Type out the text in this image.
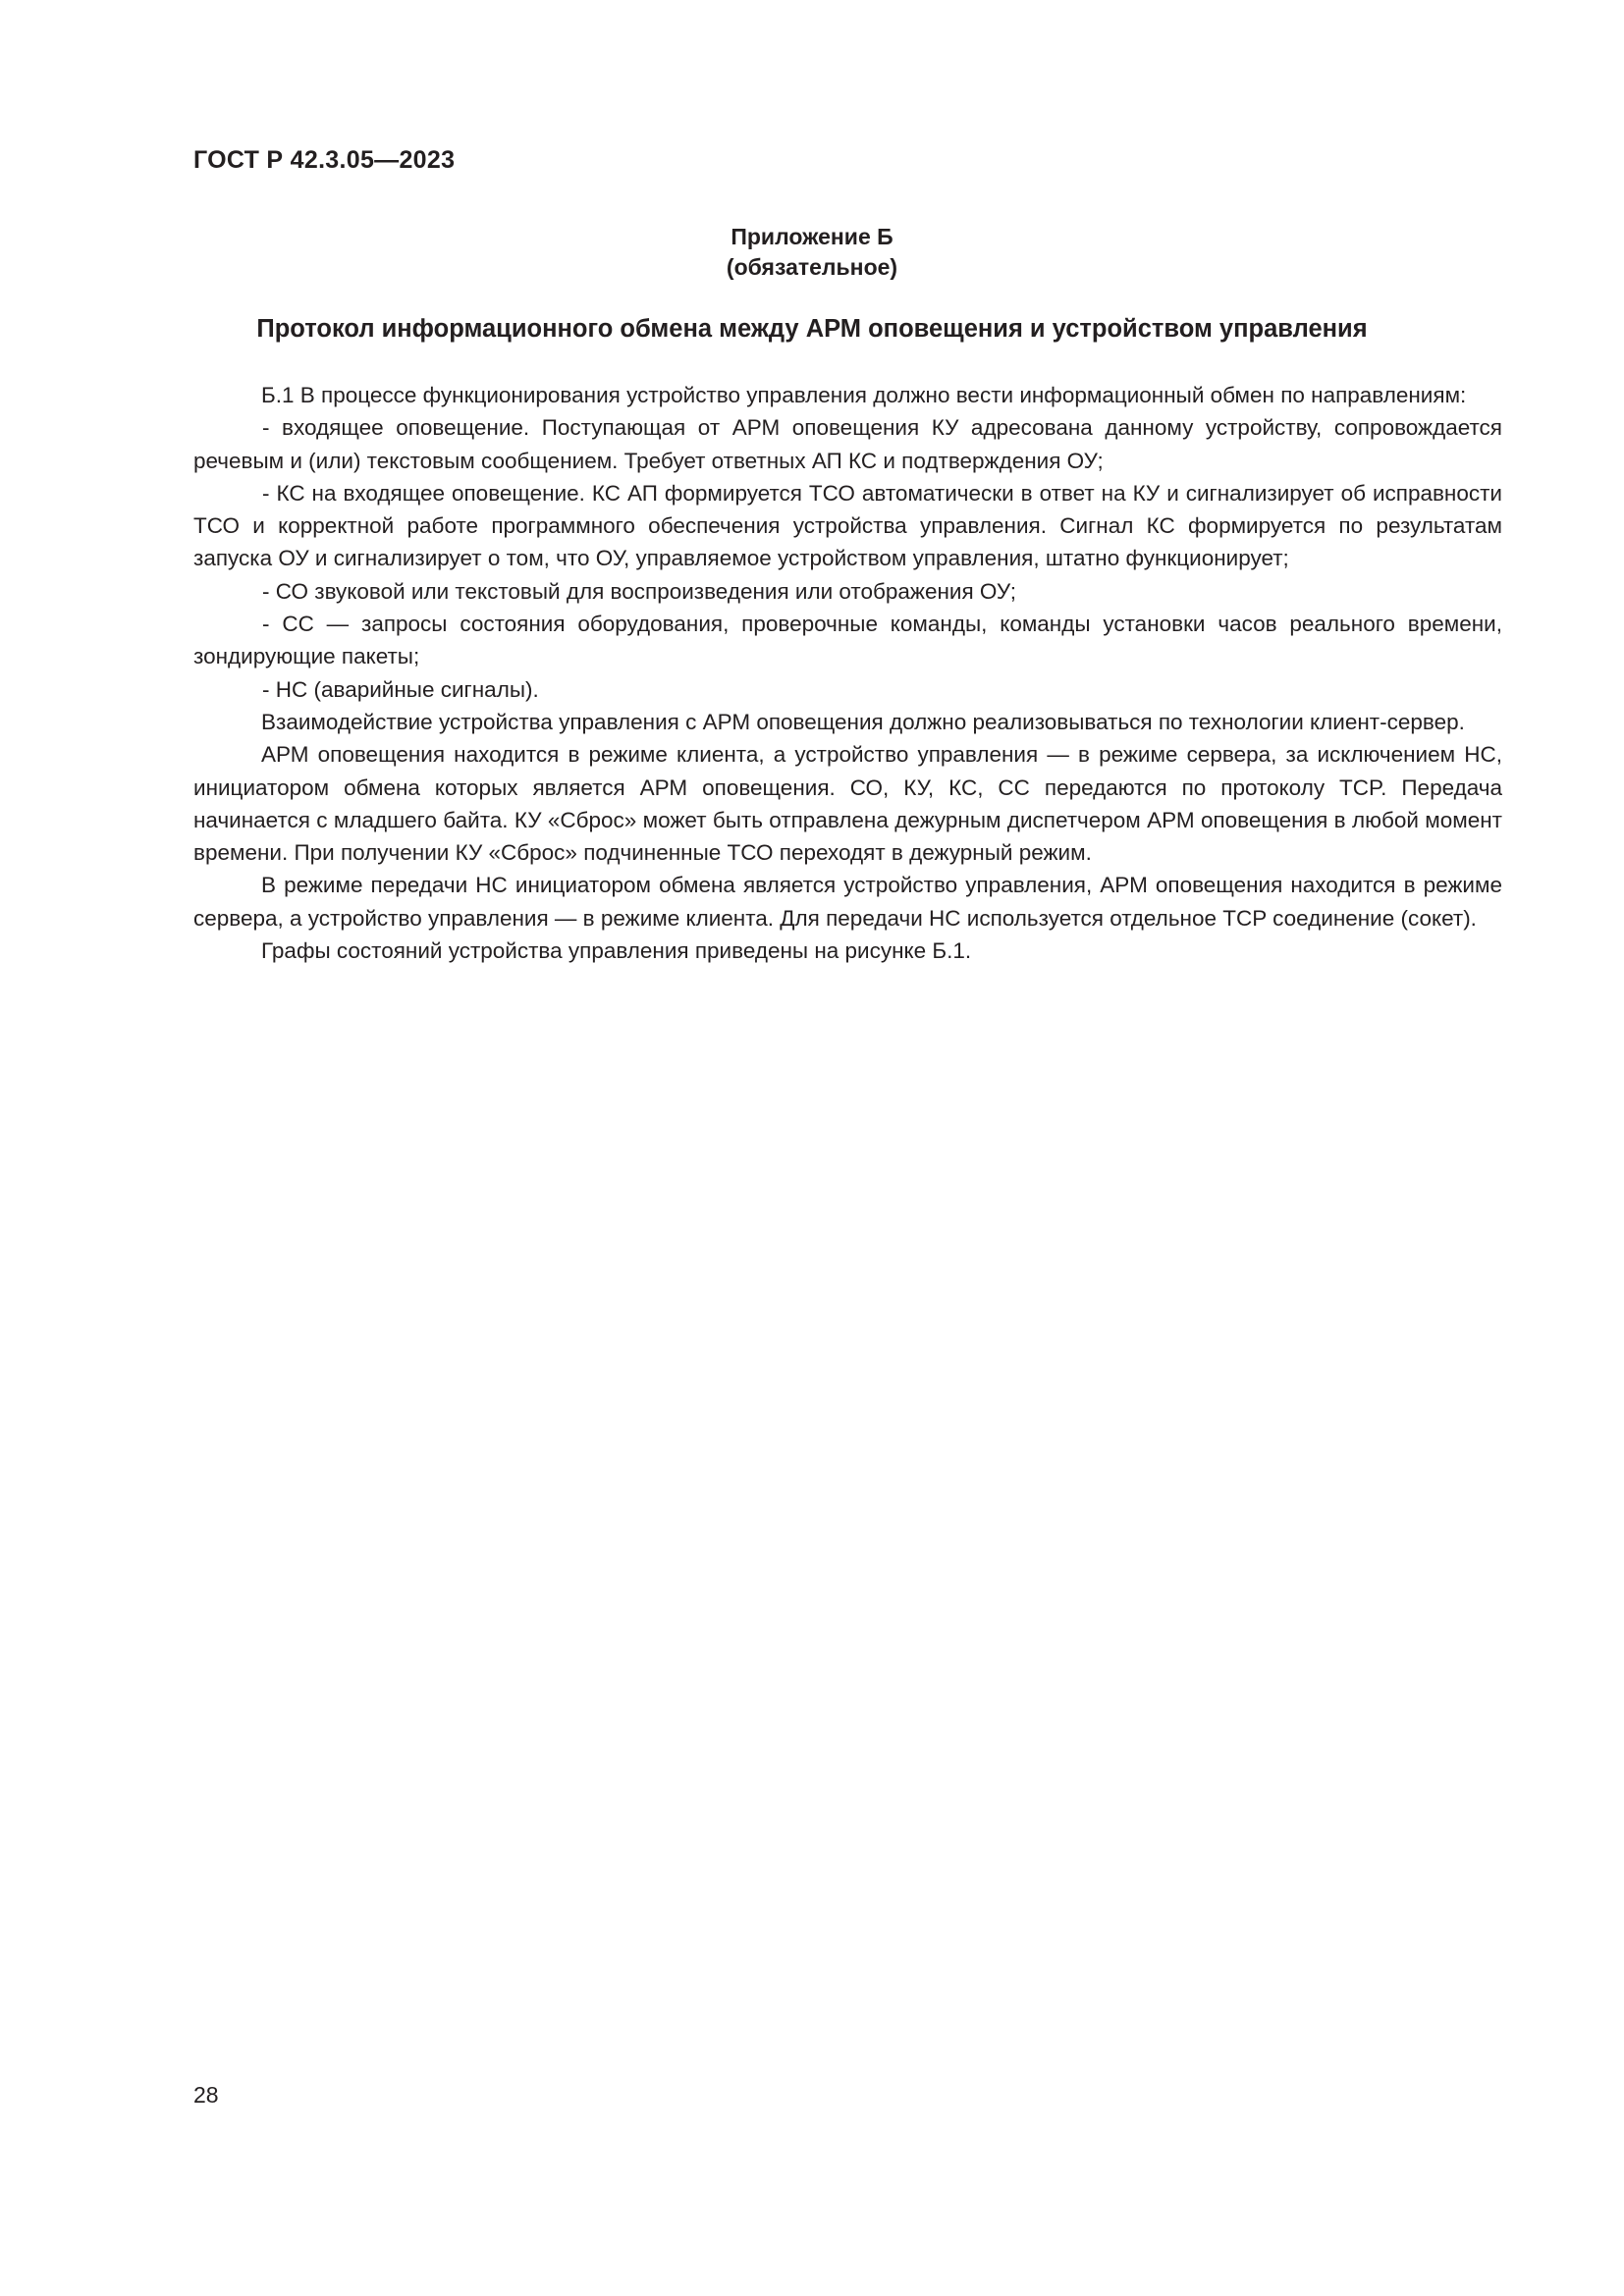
ГОСТ Р 42.3.05—2023
Приложение Б
(обязательное)
Протокол информационного обмена между АРМ оповещения и устройством управления

Б.1 В процессе функционирования устройство управления должно вести информационный обмен по направлениям:

- входящее оповещение. Поступающая от АРМ оповещения КУ адресована данному устройству, сопровождается речевым и (или) текстовым сообщением. Требует ответных АП КС и подтверждения ОУ;

- КС на входящее оповещение. КС АП формируется ТСО автоматически в ответ на КУ и сигнализирует об исправности ТСО и корректной работе программного обеспечения устройства управления. Сигнал КС формируется по результатам запуска ОУ и сигнализирует о том, что ОУ, управляемое устройством управления, штатно функционирует;

- СО звуковой или текстовый для воспроизведения или отображения ОУ;

- СС — запросы состояния оборудования, проверочные команды, команды установки часов реального времени, зондирующие пакеты;

- НС (аварийные сигналы).

Взаимодействие устройства управления с АРМ оповещения должно реализовываться по технологии клиент-сервер.

АРМ оповещения находится в режиме клиента, а устройство управления — в режиме сервера, за исключением НС, инициатором обмена которых является АРМ оповещения. СО, КУ, КС, СС передаются по протоколу TCP. Передача начинается с младшего байта. КУ «Сброс» может быть отправлена дежурным диспетчером АРМ оповещения в любой момент времени. При получении КУ «Сброс» подчиненные ТСО переходят в дежурный режим.

В режиме передачи НС инициатором обмена является устройство управления, АРМ оповещения находится в режиме сервера, а устройство управления — в режиме клиента. Для передачи НС используется отдельное TCP соединение (сокет).

Графы состояний устройства управления приведены на рисунке Б.1.

28
